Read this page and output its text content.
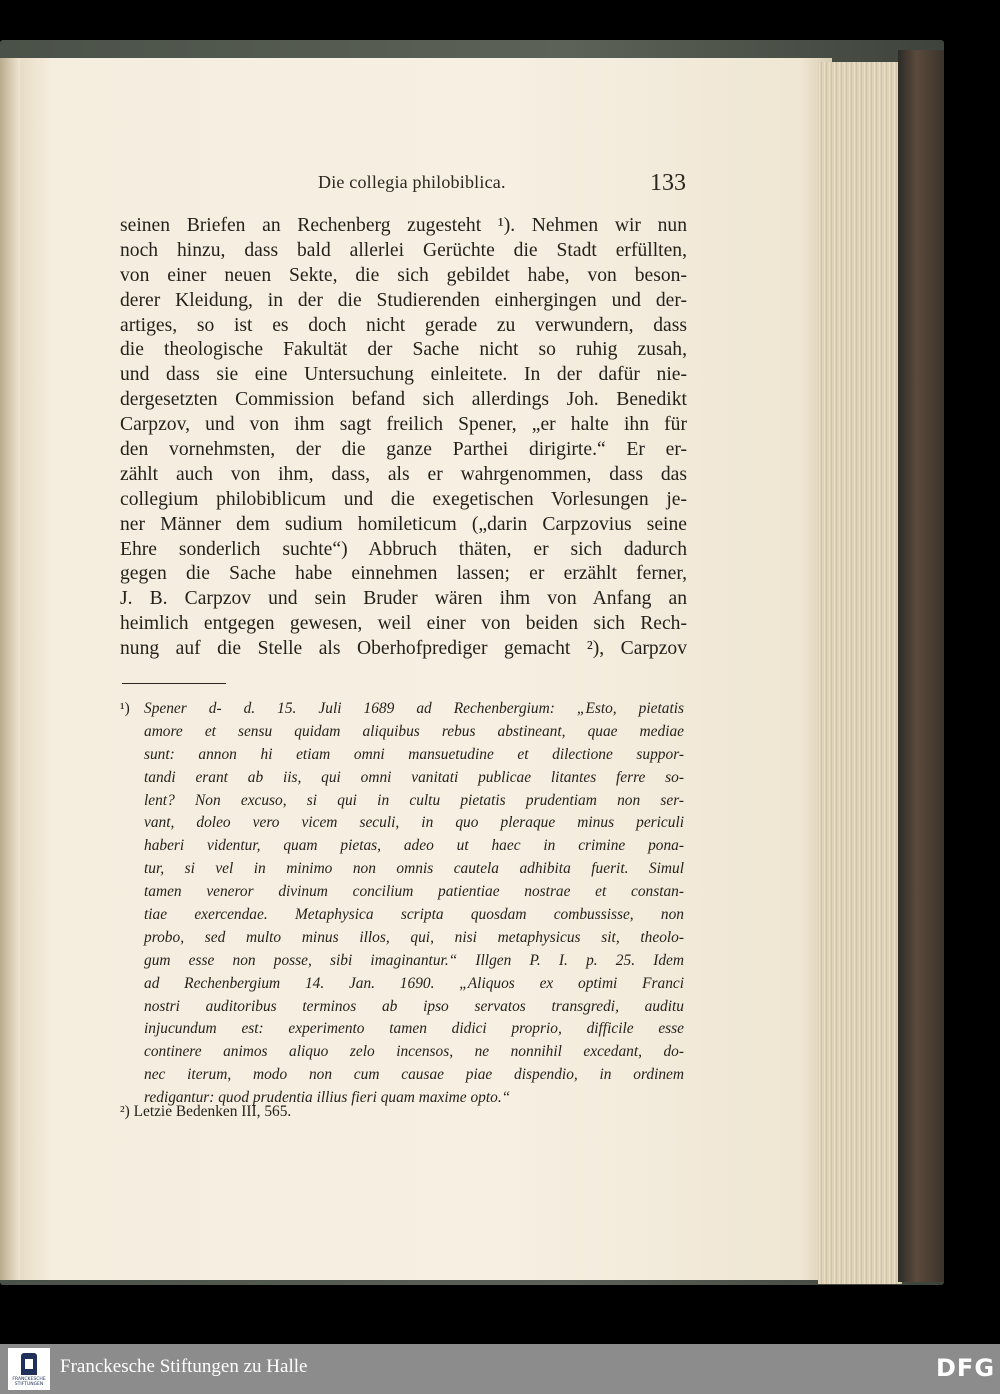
Die collegia philobiblica.	133
seinen Briefen an Rechenberg zugesteht ¹). Nehmen wir nun
noch hinzu, dass bald allerlei Gerüchte die Stadt erfüllten,
von einer neuen Sekte, die sich gebildet habe, von beson-
derer Kleidung, in der die Studierenden einhergingen und der-
artiges, so ist es doch nicht gerade zu verwundern, dass
die theologische Fakultät der Sache nicht so ruhig zusah,
und dass sie eine Untersuchung einleitete. In der dafür nie-
dergesetzten Commission befand sich allerdings Joh. Benedikt
Carpzov, und von ihm sagt freilich Spener, „er halte ihn für
den vornehmsten, der die ganze Parthei dirigirte.“ Er er-
zählt auch von ihm, dass, als er wahrgenommen, dass das
collegium philobiblicum und die exegetischen Vorlesungen je-
ner Männer dem sudium homileticum („darin Carpzovius seine
Ehre sonderlich suchte“) Abbruch thäten, er sich dadurch
gegen die Sache habe einnehmen lassen; er erzählt ferner,
J. B. Carpzov und sein Bruder wären ihm von Anfang an
heimlich entgegen gewesen, weil einer von beiden sich Rech-
nung auf die Stelle als Oberhofprediger gemacht ²), Carpzov
¹) Spener d- d. 15. Juli 1689 ad Rechenbergium: „Esto, pietatis
amore et sensu quidam aliquibus rebus abstineant, quae mediae
sunt: annon hi etiam omni mansuetudine et dilectione suppor-
tandi erant ab iis, qui omni vanitati publicae litantes ferre so-
lent? Non excuso, si qui in cultu pietatis prudentiam non ser-
vant, doleo vero vicem seculi, in quo pleraque minus periculi
haberi videntur, quam pietas, adeo ut haec in crimine pona-
tur, si vel in minimo non omnis cautela adhibita fuerit. Simul
tamen veneror divinum concilium patientiae nostrae et constan-
tiae exercendae. Metaphysica scripta quosdam combussisse, non
probo, sed multo minus illos, qui, nisi metaphysicus sit, theolo-
gum esse non posse, sibi imaginantur.“ Illgen P. I. p. 25. Idem
ad Rechenbergium 14. Jan. 1690. „Aliquos ex optimi Franci
nostri auditoribus terminos ab ipso servatos transgredi, auditu
injucundum est: experimento tamen didici proprio, difficile esse
continere animos aliquo zelo incensos, ne nonnihil excedant, do-
nec iterum, modo non cum causae piae dispendio, in ordinem
redigantur: quod prudentia illius fieri quam maxime opto.“
²) Letzie Bedenken III, 565.
FRANCKESCHE STIFTUNGEN
Franckesche Stiftungen zu Halle	DFG
